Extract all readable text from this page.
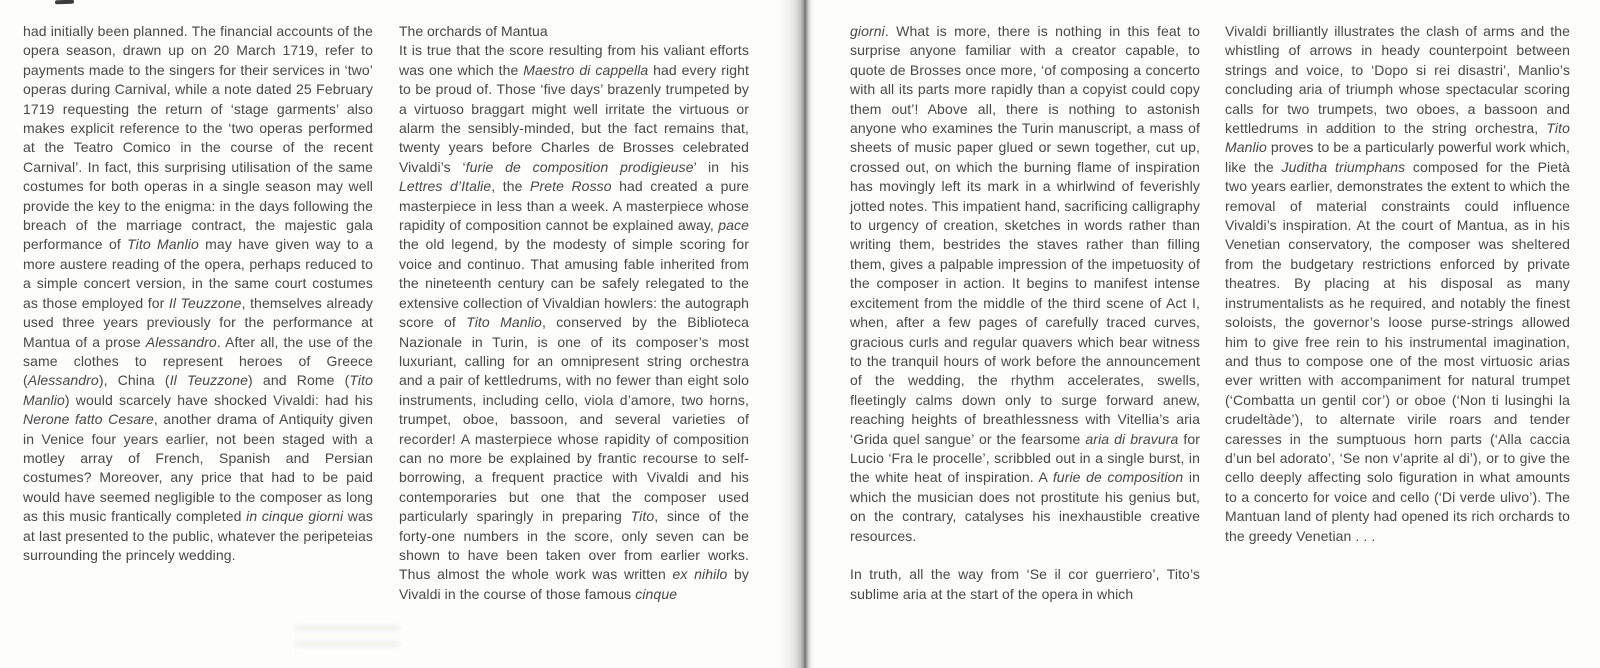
had initially been planned. The financial accounts of the opera season, drawn up on 20 March 1719, refer to payments made to the singers for their services in ‘two’ operas during Carnival, while a note dated 25 February 1719 requesting the return of ‘stage garments’ also makes explicit reference to the ‘two operas performed at the Teatro Comico in the course of the recent Carnival’. In fact, this surprising utilisation of the same costumes for both operas in a single season may well provide the key to the enigma: in the days following the breach of the marriage contract, the majestic gala performance of Tito Manlio may have given way to a more austere reading of the opera, perhaps reduced to a simple concert version, in the same court costumes as those employed for Il Teuzzone, themselves already used three years previously for the performance at Mantua of a prose Alessandro. After all, the use of the same clothes to represent heroes of Greece (Alessandro), China (Il Teuzzone) and Rome (Tito Manlio) would scarcely have shocked Vivaldi: had his Nerone fatto Cesare, another drama of Antiquity given in Venice four years earlier, not been staged with a motley array of French, Spanish and Persian costumes? Moreover, any price that had to be paid would have seemed negligible to the composer as long as this music frantically completed in cinque giorni was at last presented to the public, whatever the peripeteias surrounding the princely wedding.

The orchards of Mantua

It is true that the score resulting from his valiant efforts was one which the Maestro di cappella had every right to be proud of. Those ‘five days’ brazenly trumpeted by a virtuoso braggart might well irritate the virtuous or alarm the sensibly-minded, but the fact remains that, twenty years before Charles de Brosses celebrated Vivaldi’s ‘furie de composition prodigieuse’ in his Lettres d’Italie, the Prete Rosso had created a pure masterpiece in less than a week. A masterpiece whose rapidity of composition cannot be explained away, pace the old legend, by the modesty of simple scoring for voice and continuo. That amusing fable inherited from the nineteenth century can be safely relegated to the extensive collection of Vivaldian howlers: the autograph score of Tito Manlio, conserved by the Biblioteca Nazionale in Turin, is one of its composer’s most luxuriant, calling for an omnipresent string orchestra and a pair of kettledrums, with no fewer than eight solo instruments, including cello, viola d’amore, two horns, trumpet, oboe, bassoon, and several varieties of recorder! A masterpiece whose rapidity of composition can no more be explained by frantic recourse to self-borrowing, a frequent practice with Vivaldi and his contemporaries but one that the composer used particularly sparingly in preparing Tito, since of the forty-one numbers in the score, only seven can be shown to have been taken over from earlier works. Thus almost the whole work was written ex nihilo by Vivaldi in the course of those famous cinque

giorni. What is more, there is nothing in this feat to surprise anyone familiar with a creator capable, to quote de Brosses once more, ‘of composing a concerto with all its parts more rapidly than a copyist could copy them out’! Above all, there is nothing to astonish anyone who examines the Turin manuscript, a mass of sheets of music paper glued or sewn together, cut up, crossed out, on which the burning flame of inspiration has movingly left its mark in a whirlwind of feverishly jotted notes. This impatient hand, sacrificing calligraphy to urgency of creation, sketches in words rather than writing them, bestrides the staves rather than filling them, gives a palpable impression of the impetuosity of the composer in action. It begins to manifest intense excitement from the middle of the third scene of Act I, when, after a few pages of carefully traced curves, gracious curls and regular quavers which bear witness to the tranquil hours of work before the announcement of the wedding, the rhythm accelerates, swells, fleetingly calms down only to surge forward anew, reaching heights of breathlessness with Vitellia’s aria ‘Grida quel sangue’ or the fearsome aria di bravura for Lucio ‘Fra le procelle’, scribbled out in a single burst, in the white heat of inspiration. A furie de composition in which the musician does not prostitute his genius but, on the contrary, catalyses his inexhaustible creative resources.

In truth, all the way from ‘Se il cor guerriero’, Tito’s sublime aria at the start of the opera in which

Vivaldi brilliantly illustrates the clash of arms and the whistling of arrows in heady counterpoint between strings and voice, to ‘Dopo si rei disastri’, Manlio’s concluding aria of triumph whose spectacular scoring calls for two trumpets, two oboes, a bassoon and kettledrums in addition to the string orchestra, Tito Manlio proves to be a particularly powerful work which, like the Juditha triumphans composed for the Pietà two years earlier, demonstrates the extent to which the removal of material constraints could influence Vivaldi’s inspiration. At the court of Mantua, as in his Venetian conservatory, the composer was sheltered from the budgetary restrictions enforced by private theatres. By placing at his disposal as many instrumentalists as he required, and notably the finest soloists, the governor’s loose purse-strings allowed him to give free rein to his instrumental imagination, and thus to compose one of the most virtuosic arias ever written with accompaniment for natural trumpet (‘Combatta un gentil cor’) or oboe (‘Non ti lusinghi la crudeltàde’), to alternate virile roars and tender caresses in the sumptuous horn parts (‘Alla caccia d’un bel adorato’, ‘Se non v’aprite al di’), or to give the cello deeply affecting solo figuration in what amounts to a concerto for voice and cello (‘Di verde ulivo’). The Mantuan land of plenty had opened its rich orchards to the greedy Venetian . . .
